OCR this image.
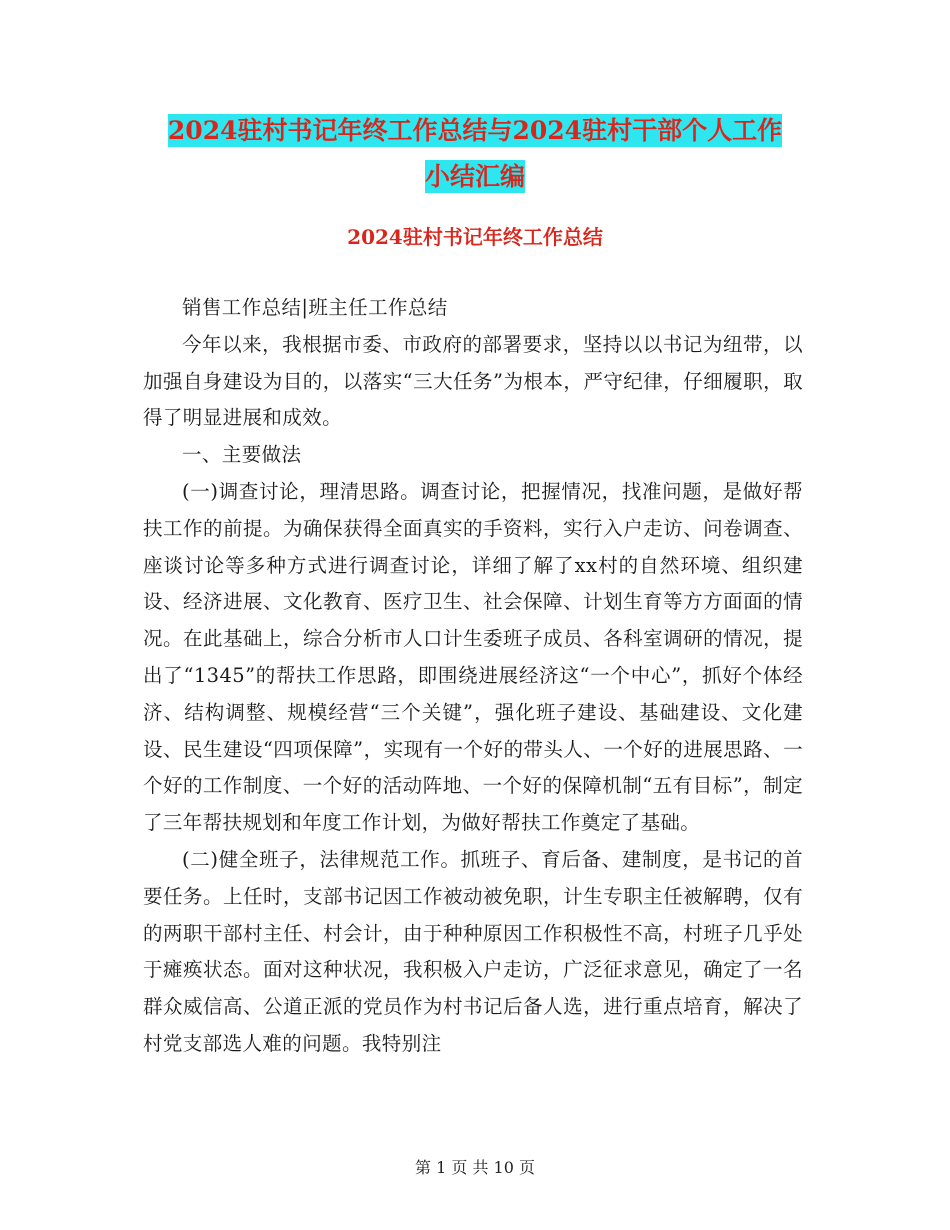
2024驻村书记年终工作总结与2024驻村干部个人工作
小结汇编
2024驻村书记年终工作总结

销售工作总结|班主任工作总结

今年以来，我根据市委、市政府的部署要求，坚持以以书记为纽带，以加强自身建设为目的，以落实“三大任务”为根本，严守纪律，仔细履职，取得了明显进展和成效。

一、主要做法

(一)调查讨论，理清思路。调查讨论，把握情况，找准问题，是做好帮扶工作的前提。为确保获得全面真实的手资料，实行入户走访、问卷调查、座谈讨论等多种方式进行调查讨论，详细了解了xx村的自然环境、组织建设、经济进展、文化教育、医疗卫生、社会保障、计划生育等方方面面的情况。在此基础上，综合分析市人口计生委班子成员、各科室调研的情况，提出了“1345”的帮扶工作思路，即围绕进展经济这“一个中心”，抓好个体经济、结构调整、规模经营“三个关键”，强化班子建设、基础建设、文化建设、民生建设“四项保障”，实现有一个好的带头人、一个好的进展思路、一个好的工作制度、一个好的活动阵地、一个好的保障机制“五有目标”，制定了三年帮扶规划和年度工作计划，为做好帮扶工作奠定了基础。

(二)健全班子，法律规范工作。抓班子、育后备、建制度，是书记的首要任务。上任时，支部书记因工作被动被免职，计生专职主任被解聘，仅有的两职干部村主任、村会计，由于种种原因工作积极性不高，村班子几乎处于瘫痪状态。面对这种状况，我积极入户走访，广泛征求意见，确定了一名群众威信高、公道正派的党员作为村书记后备人选，进行重点培育，解决了村党支部选人难的问题。我特别注

第 1 页 共 10 页
